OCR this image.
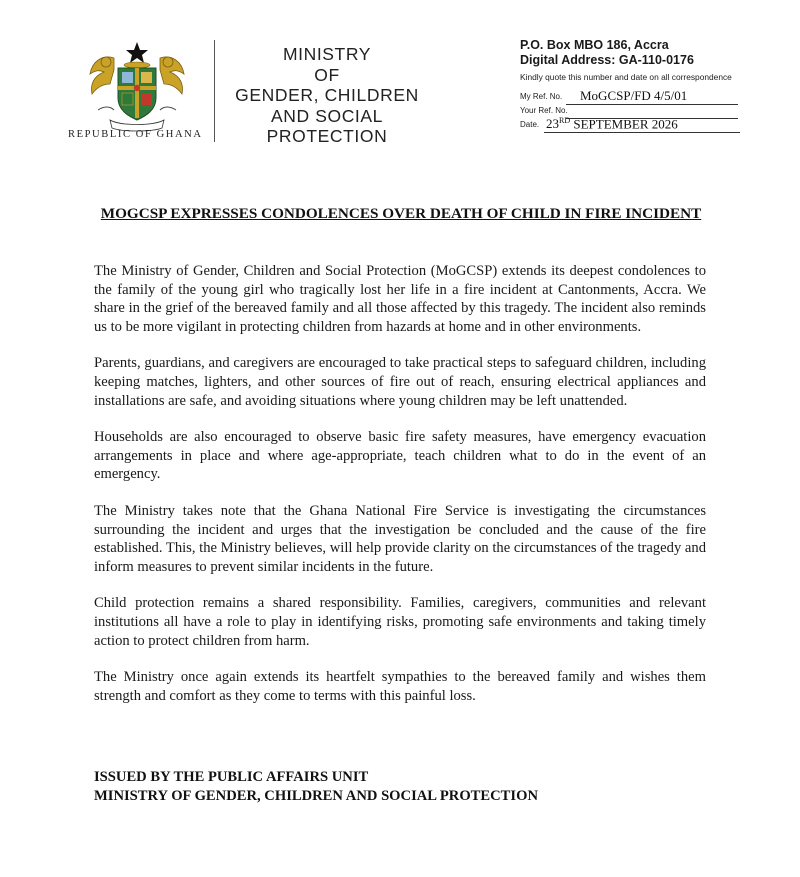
REPUBLIC OF GHANA
MINISTRY
OF
GENDER, CHILDREN
AND SOCIAL
PROTECTION
P.O. Box MBO 186, Accra
Digital Address: GA-110-0176
Kindly quote this number and date on all correspondence
My Ref. No.	MoGCSP/FD 4/5/01
Your Ref. No.
Date. 23RD SEPTEMBER 2026
MOGCSP EXPRESSES CONDOLENCES OVER DEATH OF CHILD IN FIRE INCIDENT

The Ministry of Gender, Children and Social Protection (MoGCSP) extends its deepest condolences to the family of the young girl who tragically lost her life in a fire incident at Cantonments, Accra. We share in the grief of the bereaved family and all those affected by this tragedy. The incident also reminds us to be more vigilant in protecting children from hazards at home and in other environments.

Parents, guardians, and caregivers are encouraged to take practical steps to safeguard children, including keeping matches, lighters, and other sources of fire out of reach, ensuring electrical appliances and installations are safe, and avoiding situations where young children may be left unattended.

Households are also encouraged to observe basic fire safety measures, have emergency evacuation arrangements in place and where age-appropriate, teach children what to do in the event of an emergency.

The Ministry takes note that the Ghana National Fire Service is investigating the circumstances surrounding the incident and urges that the investigation be concluded and the cause of the fire established. This, the Ministry believes, will help provide clarity on the circumstances of the tragedy and inform measures to prevent similar incidents in the future.

Child protection remains a shared responsibility. Families, caregivers, communities and relevant institutions all have a role to play in identifying risks, promoting safe environments and taking timely action to protect children from harm.

The Ministry once again extends its heartfelt sympathies to the bereaved family and wishes them strength and comfort as they come to terms with this painful loss.

ISSUED BY THE PUBLIC AFFAIRS UNIT
MINISTRY OF GENDER, CHILDREN AND SOCIAL PROTECTION
